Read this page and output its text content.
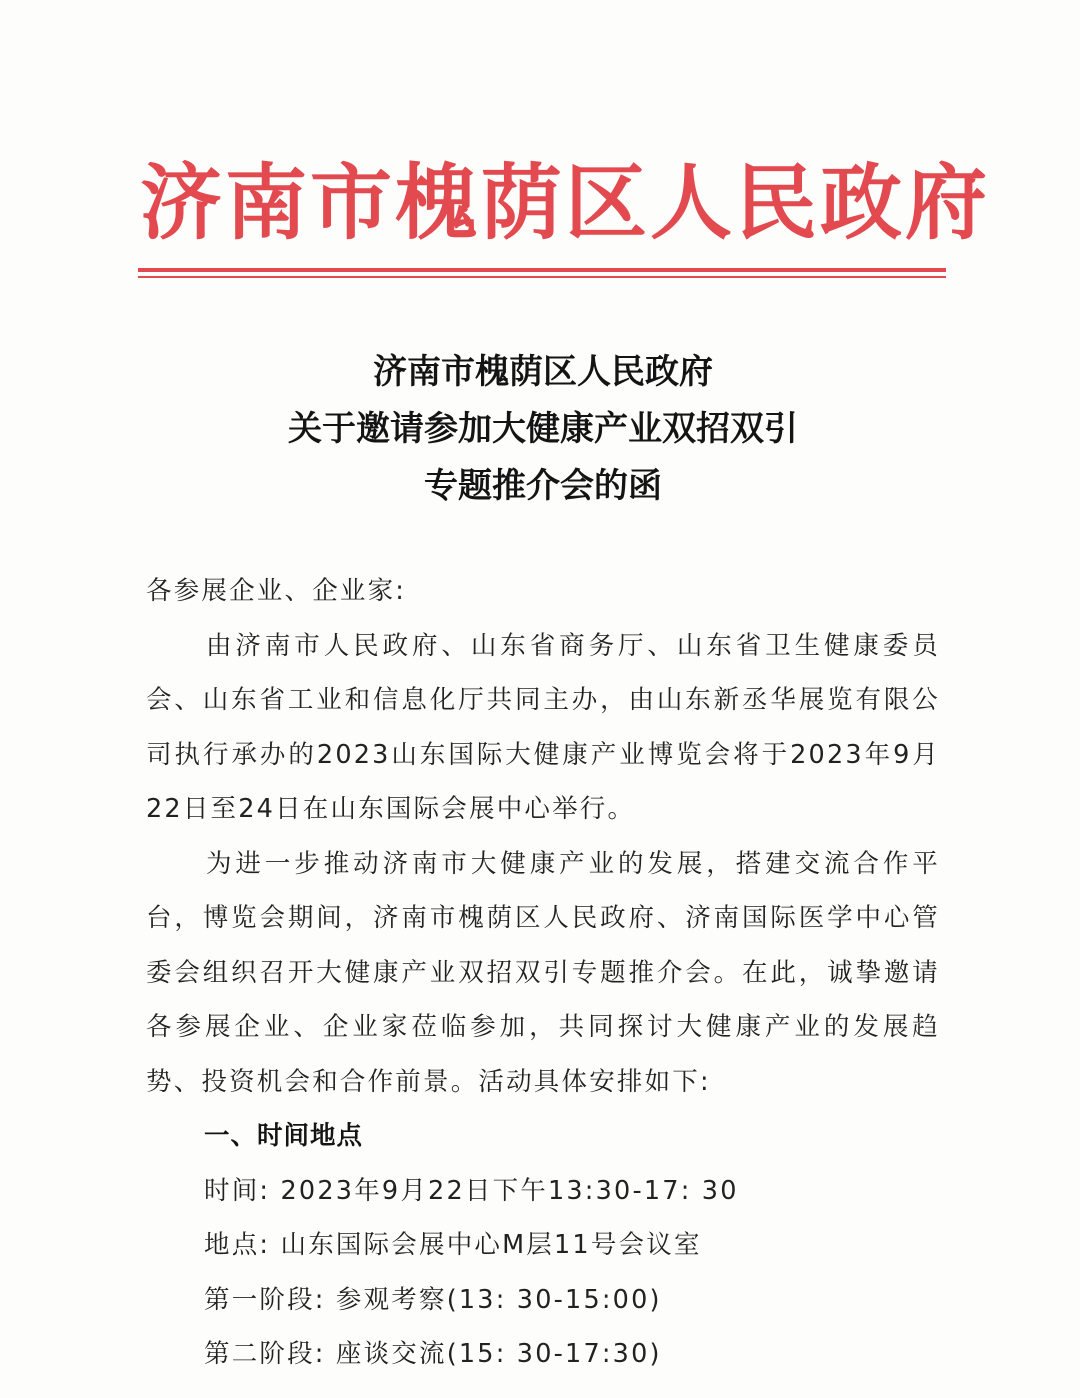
济南市槐荫区人民政府
济南市槐荫区人民政府
关于邀请参加大健康产业双招双引
专题推介会的函

各参展企业、企业家:

由济南市人民政府、山东省商务厅、山东省卫生健康委员会、山东省工业和信息化厅共同主办，由山东新丞华展览有限公司执行承办的2023山东国际大健康产业博览会将于2023年9月22日至24日在山东国际会展中心举行。

为进一步推动济南市大健康产业的发展，搭建交流合作平台，博览会期间，济南市槐荫区人民政府、济南国际医学中心管委会组织召开大健康产业双招双引专题推介会。在此，诚挚邀请各参展企业、企业家莅临参加，共同探讨大健康产业的发展趋势、投资机会和合作前景。活动具体安排如下:

一、时间地点

时间: 2023年9月22日下午13:30-17: 30

地点: 山东国际会展中心M层11号会议室

第一阶段: 参观考察(13: 30-15:00)

第二阶段: 座谈交流(15: 30-17:30)
